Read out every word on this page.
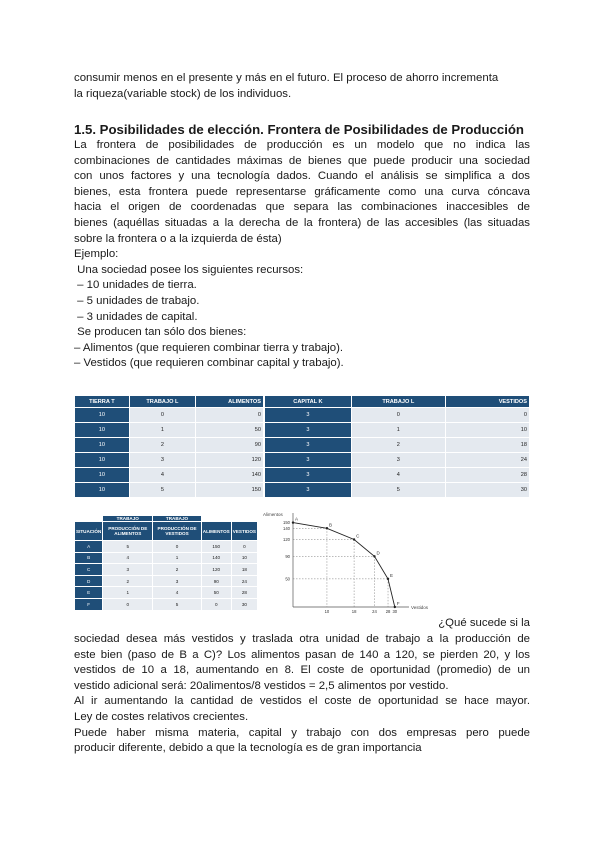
consumir menos en el presente y más en el futuro. El proceso de ahorro incrementa
la riqueza(variable stock) de los individuos.

1.5. Posibilidades de elección. Frontera de Posibilidades de Producción

La frontera de posibilidades de producción es un modelo que no indica las
combinaciones de cantidades máximas de bienes que puede producir una sociedad
con unos factores y una tecnología dados. Cuando el análisis se simplifica a dos
bienes, esta frontera puede representarse gráficamente como una curva cóncava
hacia el origen de coordenadas que separa las combinaciones inaccesibles de
bienes (aquéllas situadas a la derecha de la frontera) de las accesibles (las situadas
sobre la frontera o a la izquierda de ésta)
Ejemplo:
Una sociedad posee los siguientes recursos:
– 10 unidades de tierra.
– 5 unidades de trabajo.
– 3 unidades de capital.
Se producen tan sólo dos bienes:
– Alimentos (que requieren combinar tierra y trabajo).
– Vestidos (que requieren combinar capital y trabajo).

TIERRA T	TRABAJO L	ALIMENTOS
10	0	0
10	1	50
10	2	90
10	3	120
10	4	140
10	5	150
CAPITAL K	TRABAJO L	VESTIDOS
3	0	0
3	1	10
3	2	18
3	3	24
3	4	28
3	5	30
	TRABAJO	TRABAJO		
SITUACIÓN	PRODUCCIÓN DE ALIMENTOS	PRODUCCIÓN DE VESTIDOS	ALIMENTOS	VESTIDOS
A	5	0	150	0
B	4	1	140	10
C	3	2	120	18
D	2	3	90	24
E	1	4	50	28
F	0	5	0	30
Alimentos
Vestidos
A
B
C
D
E
F
150
140
120
90
50
10	18	24 28 30

¿Qué sucede si la

sociedad desea más vestidos y traslada otra unidad de trabajo a la producción de
este bien (paso de B a C)? Los alimentos pasan de 140 a 120, se pierden 20, y los
vestidos de 10 a 18, aumentando en 8. El coste de oportunidad (promedio) de un
vestido adicional será: 20alimentos/8 vestidos = 2,5 alimentos por vestido.
Al ir aumentando la cantidad de vestidos el coste de oportunidad se hace mayor.
Ley de costes relativos crecientes.
Puede haber misma materia, capital y trabajo con dos empresas pero puede
producir diferente, debido a que la tecnología es de gran importancia
